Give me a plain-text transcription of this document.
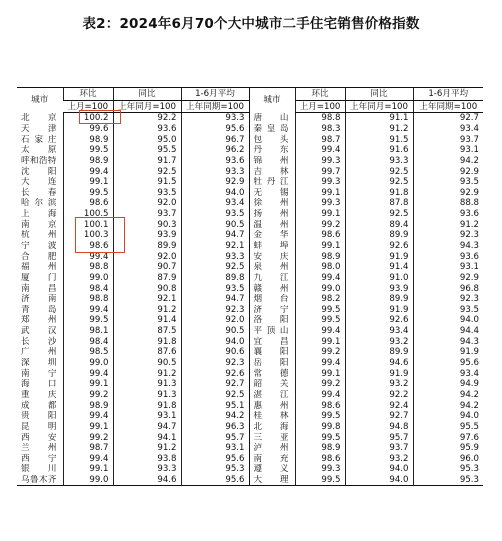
表2：2024年6月70个大中城市二手住宅销售价格指数
城市	环比	同比	1-6月平均	城市	环比	同比	1-6月平均
	上月=100	上年同月=100	上年同期=100		上月=100	上年同月=100	上年同期=100
北京	100.2	92.2	93.3	唐山	98.8	91.1	92.7
天津	99.6	93.6	95.6	秦皇岛	98.3	91.2	93.4
石家庄	98.9	95.0	96.7	包头	98.7	91.5	93.7
太原	99.5	95.5	96.2	丹东	99.4	91.6	93.1
呼和浩特	98.9	91.7	93.6	锦州	99.3	93.3	94.2
沈阳	99.4	92.5	93.3	吉林	99.7	92.5	92.9
大连	99.1	91.5	92.9	牡丹江	99.3	92.5	93.5
长春	99.5	93.5	94.0	无锡	99.1	91.8	92.9
哈尔滨	98.6	92.0	93.4	徐州	99.3	87.8	88.8
上海	100.5	93.7	93.5	扬州	99.1	92.5	93.6
南京	100.1	90.3	90.5	温州	99.2	89.4	91.2
杭州	100.3	93.9	94.7	金华	98.6	89.9	92.3
宁波	98.6	89.9	92.1	蚌埠	99.1	92.6	94.3
合肥	99.4	92.0	93.3	安庆	98.9	91.9	93.6
福州	98.8	90.7	92.5	泉州	98.0	91.4	93.1
厦门	99.0	87.9	89.8	九江	99.4	91.0	92.9
南昌	98.4	90.8	93.5	赣州	99.0	93.9	96.8
济南	98.8	92.1	94.7	烟台	98.2	89.9	92.3
青岛	99.4	91.2	92.3	济宁	99.5	91.9	93.5
郑州	99.5	91.4	92.0	洛阳	99.5	92.6	94.0
武汉	98.1	87.5	90.5	平顶山	99.4	93.4	94.4
长沙	98.4	91.8	94.0	宜昌	99.1	93.2	94.3
广州	98.5	87.6	90.6	襄阳	99.2	89.9	91.9
深圳	99.0	90.5	92.3	岳阳	99.4	94.6	95.6
南宁	99.4	91.2	92.6	常德	99.1	91.9	93.4
海口	99.1	91.3	92.7	韶关	99.2	93.2	94.9
重庆	99.2	91.3	92.5	湛江	99.4	92.2	94.2
成都	98.9	91.8	95.1	惠州	98.6	92.4	94.2
贵阳	99.4	93.1	94.2	桂林	99.5	92.7	94.0
昆明	99.1	94.7	96.3	北海	99.8	94.8	95.5
西安	99.2	94.1	95.7	三亚	99.5	95.7	97.6
兰州	98.7	91.2	93.1	泸州	98.9	93.7	95.9
西宁	99.4	93.8	95.6	南充	98.6	93.2	96.0
银川	99.1	93.3	95.3	遵义	99.3	94.0	95.3
乌鲁木齐	99.0	94.6	95.6	大理	99.5	94.0	95.3
